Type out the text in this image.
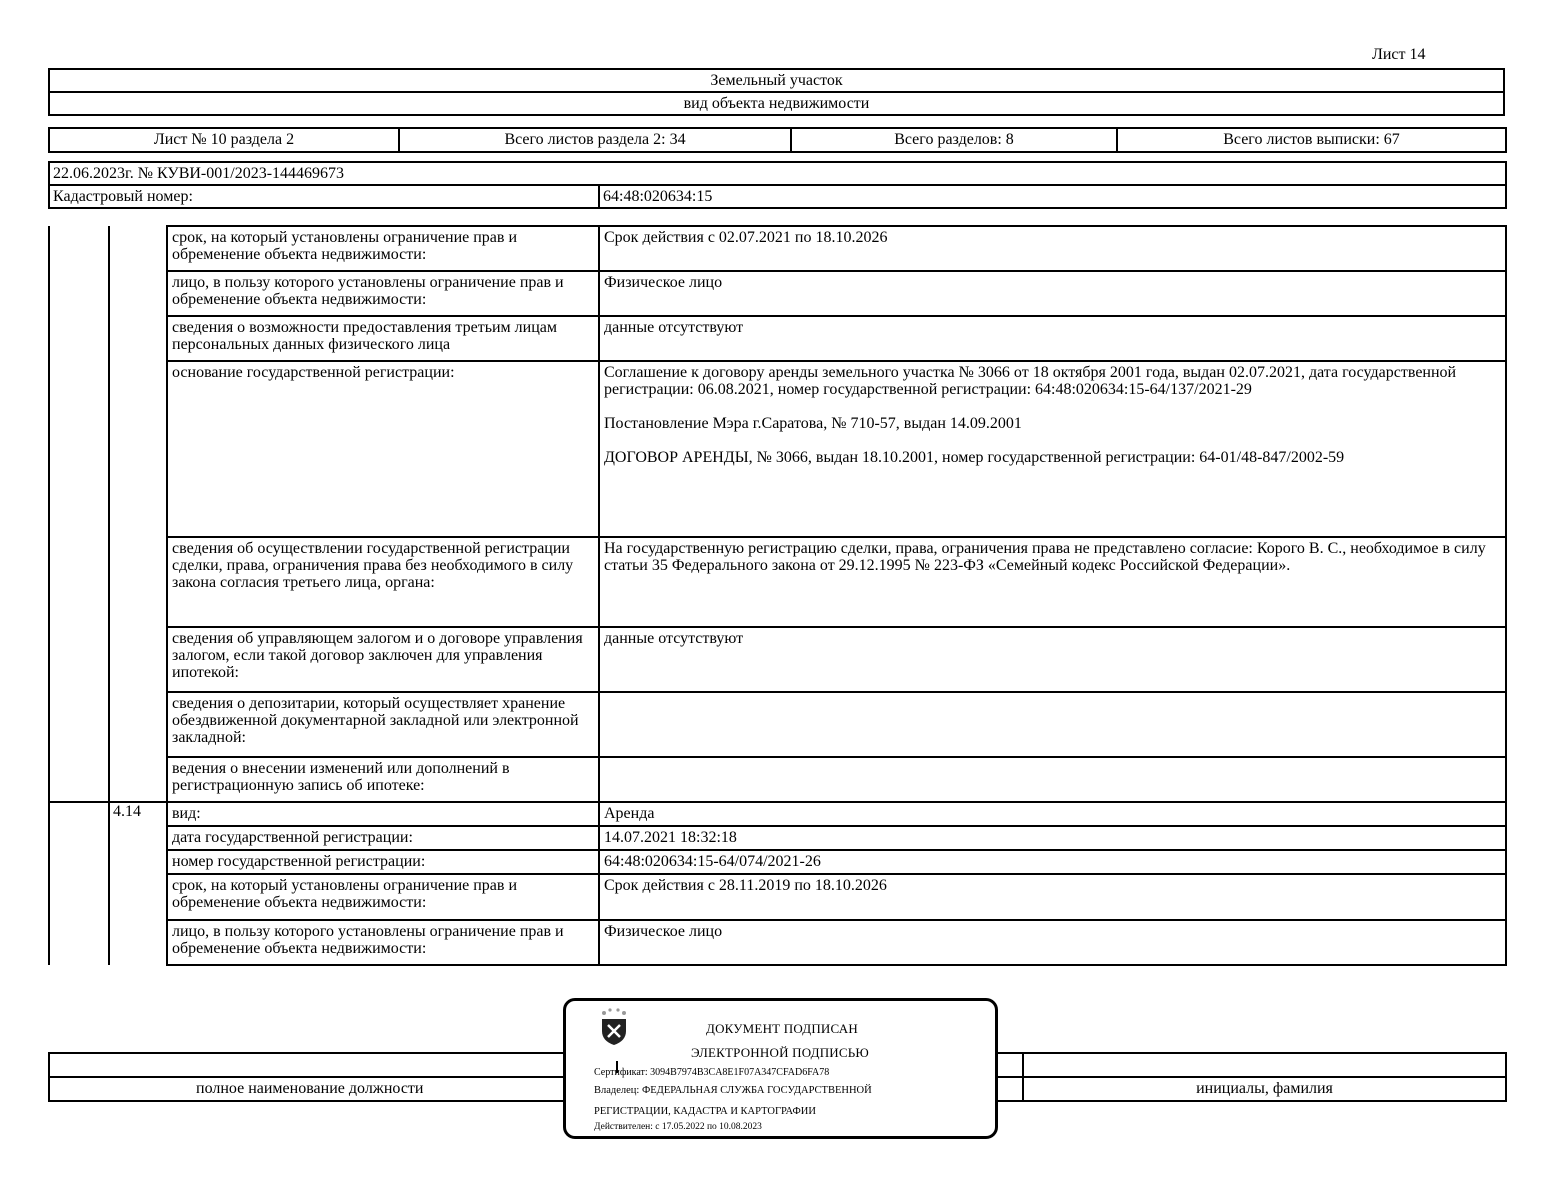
Лист 14
Земельный участок
вид объекта недвижимости
Лист № 10 раздела 2	Всего листов раздела 2: 34	Всего разделов: 8	Всего листов выписки: 67
22.06.2023г. № КУВИ-001/2023-144469673
Кадастровый номер:	64:48:020634:15
		срок, на который установлены ограничение прав и обременение объекта недвижимости:	Срок действия с 02.07.2021 по 18.10.2026

		лицо, в пользу которого установлены ограничение прав и обременение объекта недвижимости:	Физическое лицо

		сведения о возможности предоставления третьим лицам персональных данных физического лица	данные отсутствуют

		основание государственной регистрации:	Соглашение к договору аренды земельного участка № 3066 от 18 октября 2001 года, выдан 02.07.2021, дата государственной регистрации: 06.08.2021, номер государственной регистрации: 64:48:020634:15-64/137/2021-29
Постановление Мэра г.Саратова, № 710-57, выдан 14.09.2001
ДОГОВОР АРЕНДЫ, № 3066, выдан 18.10.2001, номер государственной регистрации: 64-01/48-847/2002-59

		сведения об осуществлении государственной регистрации сделки, права, ограничения права без необходимого в силу закона согласия третьего лица, органа:	На государственную регистрацию сделки, права, ограничения права не представлено согласие: Корого В. С., необходимое в силу статьи 35 Федерального закона от 29.12.1995 № 223-ФЗ «Семейный кодекс Российской Федерации».

		сведения об управляющем залогом и о договоре управления залогом, если такой договор заключен для управления ипотекой:	данные отсутствуют

		сведения о депозитарии, который осуществляет хранение обездвиженной документарной закладной или электронной закладной:	

		ведения о внесении изменений или дополнений в регистрационную запись об ипотеке:	

	4.14	вид:	Аренда

		дата государственной регистрации:	14.07.2021 18:32:18

		номер государственной регистрации:	64:48:020634:15-64/074/2021-26

		срок, на который установлены ограничение прав и обременение объекта недвижимости:	Срок действия с 28.11.2019 по 18.10.2026

		лицо, в пользу которого установлены ограничение прав и обременение объекта недвижимости:	Физическое лицо

полное наименование должности	инициалы, фамилия
ДОКУМЕНТ ПОДПИСАН
ЭЛЕКТРОННОЙ ПОДПИСЬЮ
Сертификат: 3094B7974B3CA8E1F07A347CFAD6FA78
Владелец: ФЕДЕРАЛЬНАЯ СЛУЖБА ГОСУДАРСТВЕННОЙ
РЕГИСТРАЦИИ, КАДАСТРА И КАРТОГРАФИИ
Действителен: с 17.05.2022 по 10.08.2023
